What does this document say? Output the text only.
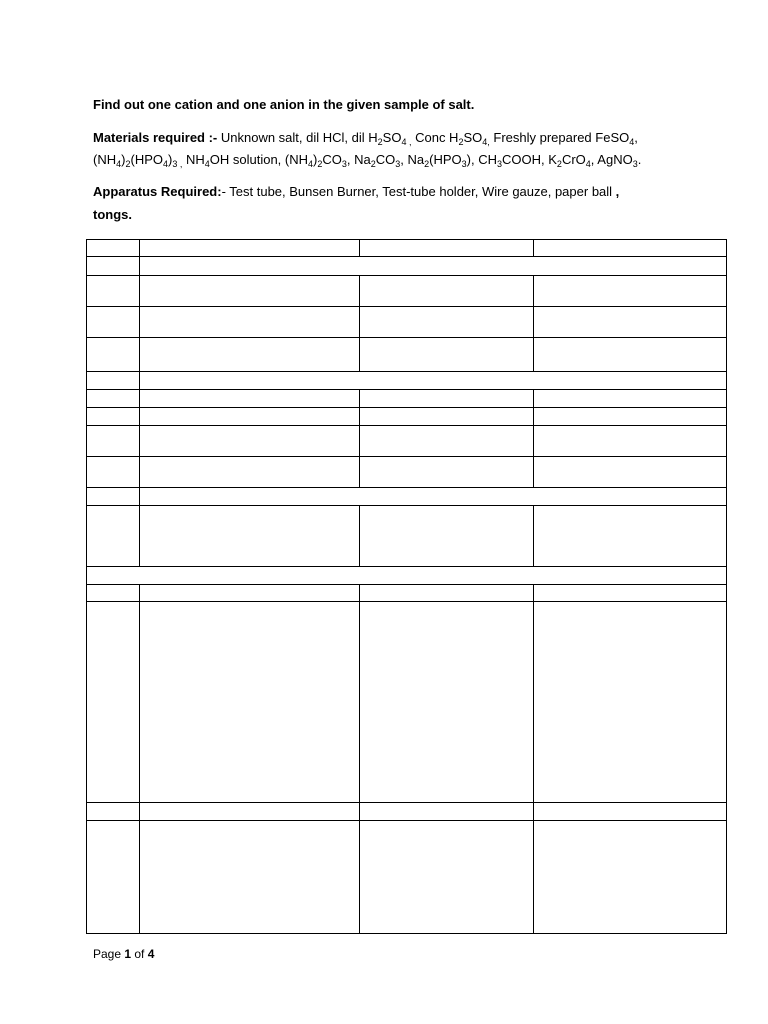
Find out one cation and one anion in the given sample of salt.
Materials required :- Unknown salt, dil HCl, dil $H_2SO_{4 ,}$ Conc $H_2SO_{4,}$ Freshly prepared FeSO$_4$,
$(NH_4)_2(HPO_4)_{3 ,}$ $NH_4OH$ solution, $(NH_4)_2CO_3$, $Na_2CO_3$, $Na_2(HPO_3)$, $CH_3COOH$, $K_2CrO_4$, AgNO$_3$.
Apparatus Required:- Test tube, Bunsen Burner, Test-tube holder, Wire gauze, paper ball ,
tongs.
Page 1 of 4
